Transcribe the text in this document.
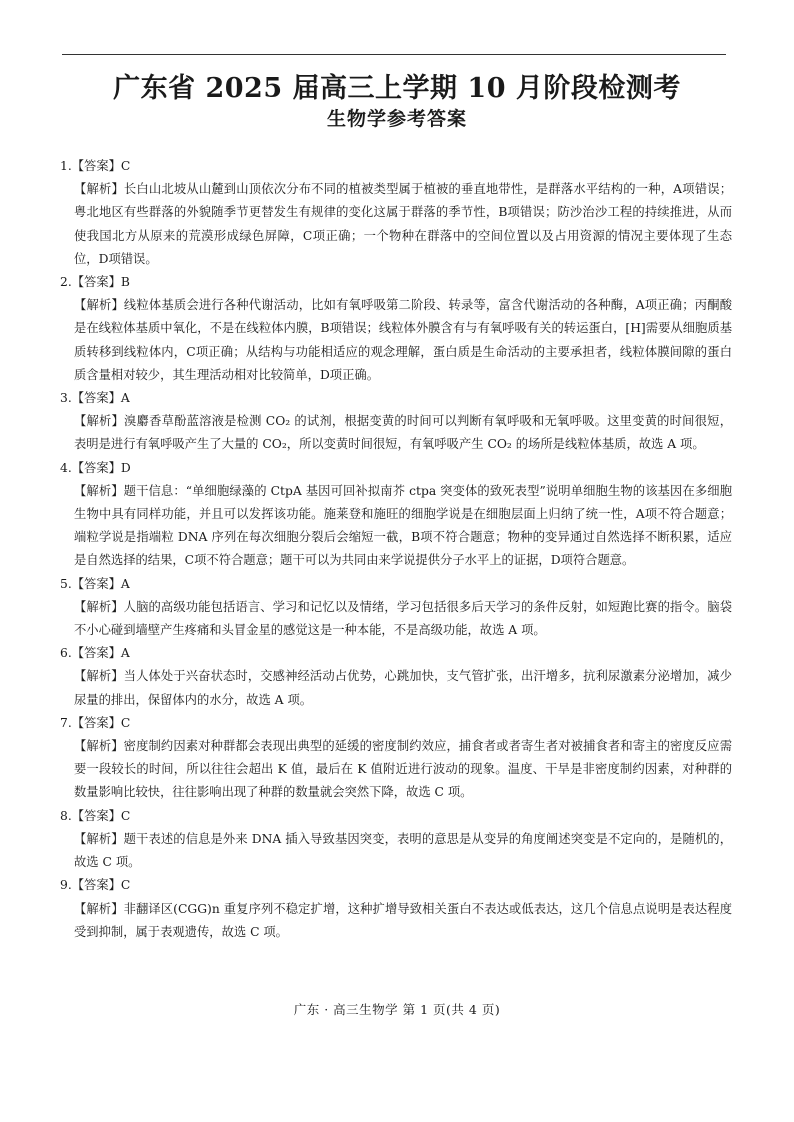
广东省 2025 届高三上学期 10 月阶段检测考
生物学参考答案
1.【答案】C
【解析】长白山北坡从山麓到山顶依次分布不同的植被类型属于植被的垂直地带性，是群落水平结构的一种，A项错误；粤北地区有些群落的外貌随季节更替发生有规律的变化这属于群落的季节性，B项错误；防沙治沙工程的持续推进，从而使我国北方从原来的荒漠形成绿色屏障，C项正确；一个物种在群落中的空间位置以及占用资源的情况主要体现了生态位，D项错误。
2.【答案】B
【解析】线粒体基质会进行各种代谢活动，比如有氧呼吸第二阶段、转录等，富含代谢活动的各种酶，A项正确；丙酮酸是在线粒体基质中氧化，不是在线粒体内膜，B项错误；线粒体外膜含有与有氧呼吸有关的转运蛋白，[H]需要从细胞质基质转移到线粒体内，C项正确；从结构与功能相适应的观念理解，蛋白质是生命活动的主要承担者，线粒体膜间隙的蛋白质含量相对较少，其生理活动相对比较简单，D项正确。
3.【答案】A
【解析】溴麝香草酚蓝溶液是检测 CO₂ 的试剂，根据变黄的时间可以判断有氧呼吸和无氧呼吸。这里变黄的时间很短，表明是进行有氧呼吸产生了大量的 CO₂，所以变黄时间很短，有氧呼吸产生 CO₂ 的场所是线粒体基质，故选 A 项。
4.【答案】D
【解析】题干信息：“单细胞绿藻的 CtpA 基因可回补拟南芥 ctpa 突变体的致死表型”说明单细胞生物的该基因在多细胞生物中具有同样功能，并且可以发挥该功能。施莱登和施旺的细胞学说是在细胞层面上归纳了统一性，A项不符合题意；端粒学说是指端粒 DNA 序列在每次细胞分裂后会缩短一截，B项不符合题意；物种的变异通过自然选择不断积累，适应是自然选择的结果，C项不符合题意；题干可以为共同由来学说提供分子水平上的证据，D项符合题意。
5.【答案】A
【解析】人脑的高级功能包括语言、学习和记忆以及情绪，学习包括很多后天学习的条件反射，如短跑比赛的指令。脑袋不小心碰到墙壁产生疼痛和头冒金星的感觉这是一种本能，不是高级功能，故选 A 项。
6.【答案】A
【解析】当人体处于兴奋状态时，交感神经活动占优势，心跳加快，支气管扩张，出汗增多，抗利尿激素分泌增加，减少尿量的排出，保留体内的水分，故选 A 项。
7.【答案】C
【解析】密度制约因素对种群都会表现出典型的延缓的密度制约效应，捕食者或者寄生者对被捕食者和寄主的密度反应需要一段较长的时间，所以往往会超出 K 值，最后在 K 值附近进行波动的现象。温度、干旱是非密度制约因素，对种群的数量影响比较快，往往影响出现了种群的数量就会突然下降，故选 C 项。
8.【答案】C
【解析】题干表述的信息是外来 DNA 插入导致基因突变，表明的意思是从变异的角度阐述突变是不定向的，是随机的，故选 C 项。
9.【答案】C
【解析】非翻译区(CGG)n 重复序列不稳定扩增，这种扩增导致相关蛋白不表达或低表达，这几个信息点说明是表达程度受到抑制，属于表观遗传，故选 C 项。
广东 · 高三生物学 第 1 页(共 4 页)
